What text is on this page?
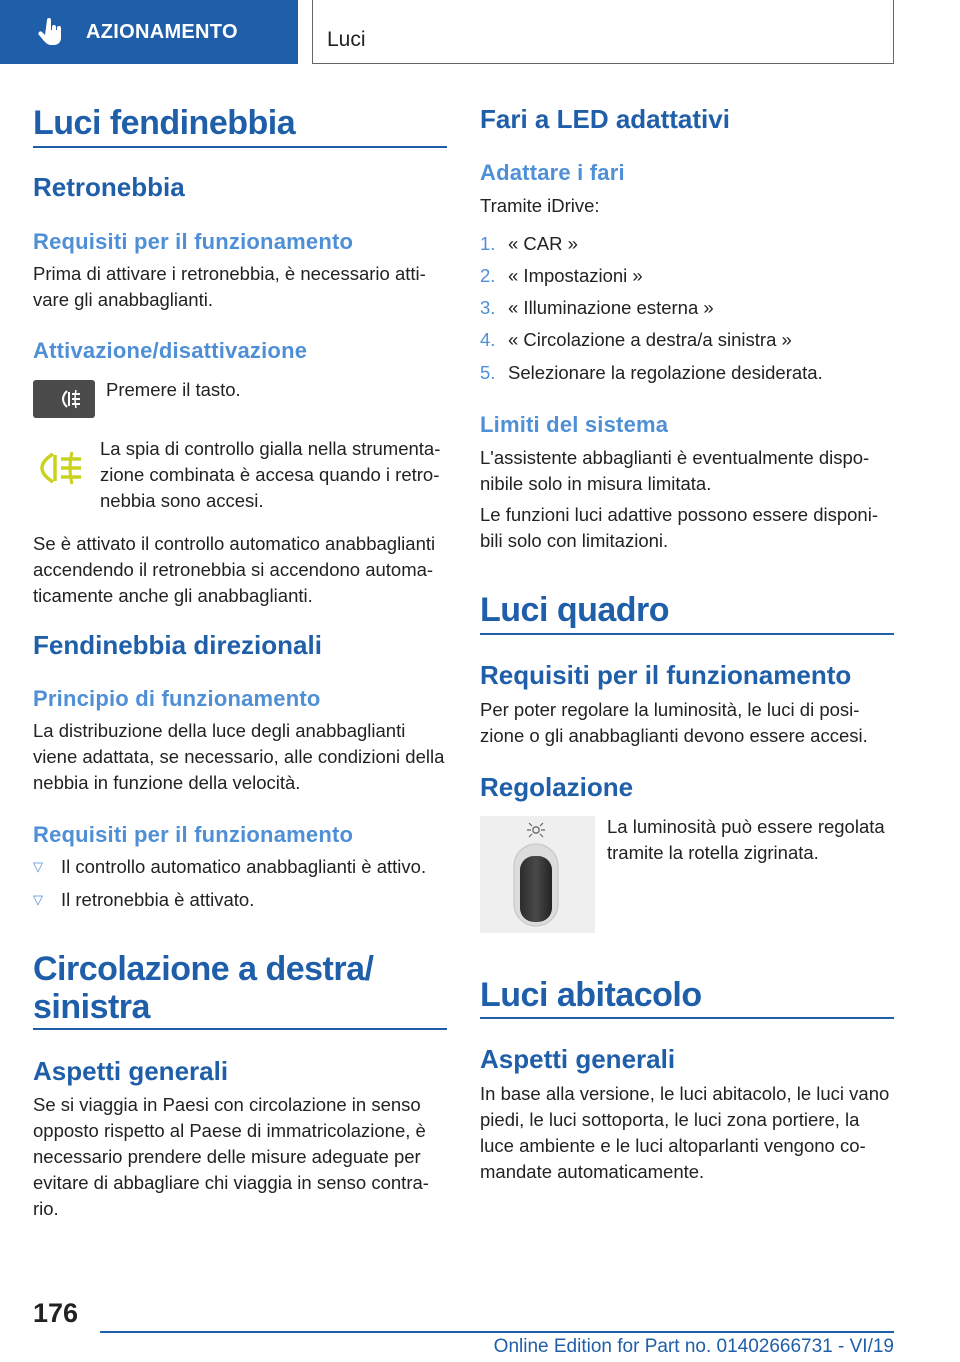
AZIONAMENTO	Luci
Luci fendinebbia
Retronebbia
Requisiti per il funzionamento
Prima di attivare i retronebbia, è necessario atti-
vare gli anabbaglianti.
Attivazione/disattivazione
Premere il tasto.
La spia di controllo gialla nella strumenta-
zione combinata è accesa quando i retro-
nebbia sono accesi.
Se è attivato il controllo automatico anabbaglianti
accendendo il retronebbia si accendono automa-
ticamente anche gli anabbaglianti.
Fendinebbia direzionali
Principio di funzionamento
La distribuzione della luce degli anabbaglianti
viene adattata, se necessario, alle condizioni della
nebbia in funzione della velocità.
Requisiti per il funzionamento
▽ Il controllo automatico anabbaglianti è attivo.
▽ Il retronebbia è attivato.
Circolazione a destra/
sinistra
Aspetti generali
Se si viaggia in Paesi con circolazione in senso
opposto rispetto al Paese di immatricolazione, è
necessario prendere delle misure adeguate per
evitare di abbagliare chi viaggia in senso contra-
rio.
Fari a LED adattativi
Adattare i fari
Tramite iDrive:
1. « CAR »
2. « Impostazioni »
3. « Illuminazione esterna »
4. « Circolazione a destra/a sinistra »
5. Selezionare la regolazione desiderata.
Limiti del sistema
L'assistente abbaglianti è eventualmente dispo-
nibile solo in misura limitata.
Le funzioni luci adattive possono essere disponi-
bili solo con limitazioni.
Luci quadro
Requisiti per il funzionamento
Per poter regolare la luminosità, le luci di posi-
zione o gli anabbaglianti devono essere accesi.
Regolazione
La luminosità può essere regolata
tramite la rotella zigrinata.
Luci abitacolo
Aspetti generali
In base alla versione, le luci abitacolo, le luci vano
piedi, le luci sottoporta, le luci zona portiere, la
luce ambiente e le luci altoparlanti vengono co-
mandate automaticamente.
176
Online Edition for Part no. 01402666731 - VI/19
